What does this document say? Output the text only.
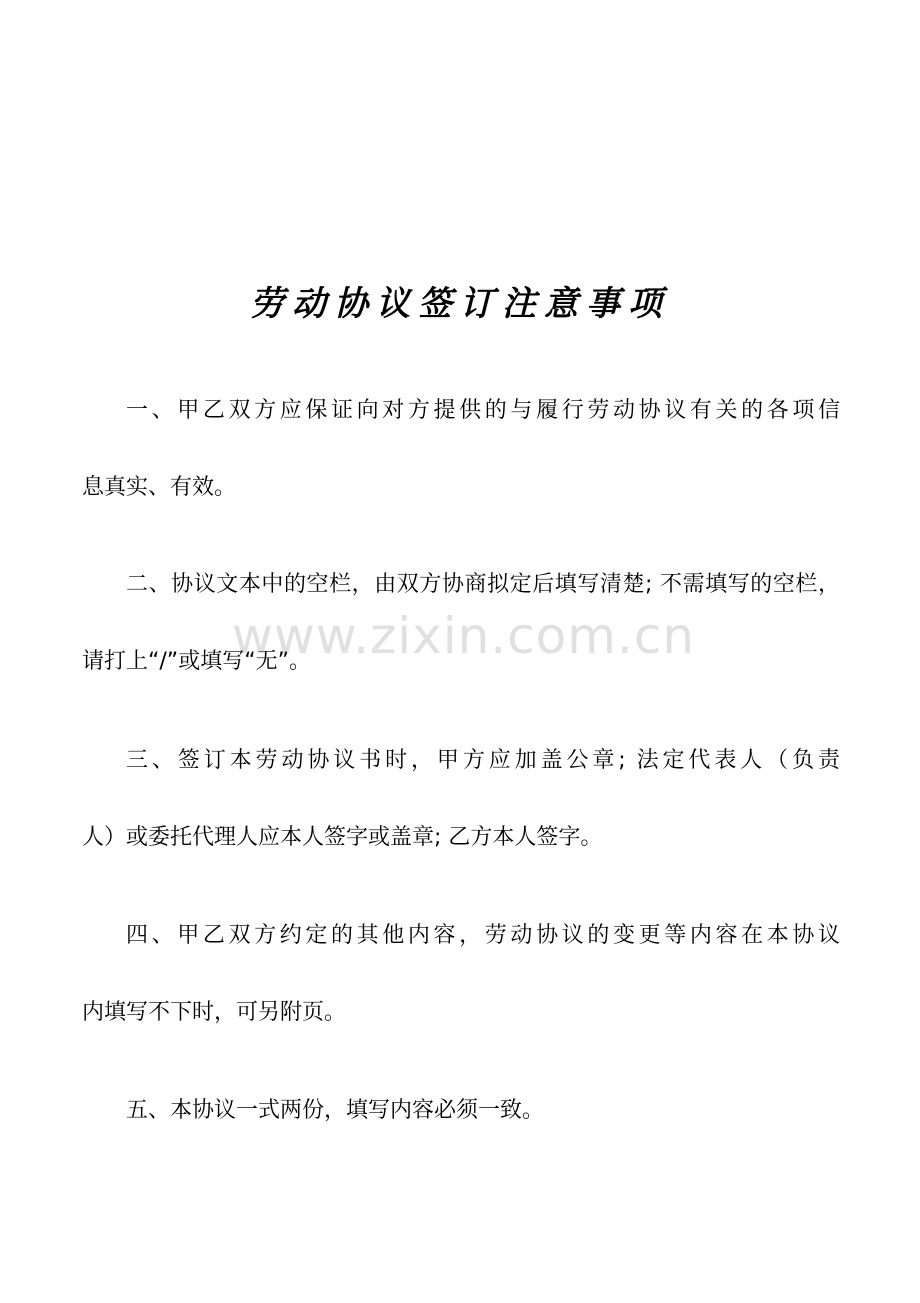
劳动协议签订注意事项
一、甲乙双方应保证向对方提供的与履行劳动协议有关的各项信
息真实、有效。
二、协议文本中的空栏，由双方协商拟定后填写清楚; 不需填写的空栏，
请打上“/”或填写“无”。
三、签订本劳动协议书时，甲方应加盖公章; 法定代表人（负责
人）或委托代理人应本人签字或盖章; 乙方本人签字。
四、甲乙双方约定的其他内容，劳动协议的变更等内容在本协议
内填写不下时，可另附页。
五、本协议一式两份，填写内容必须一致。
www.zixin.com.cn
